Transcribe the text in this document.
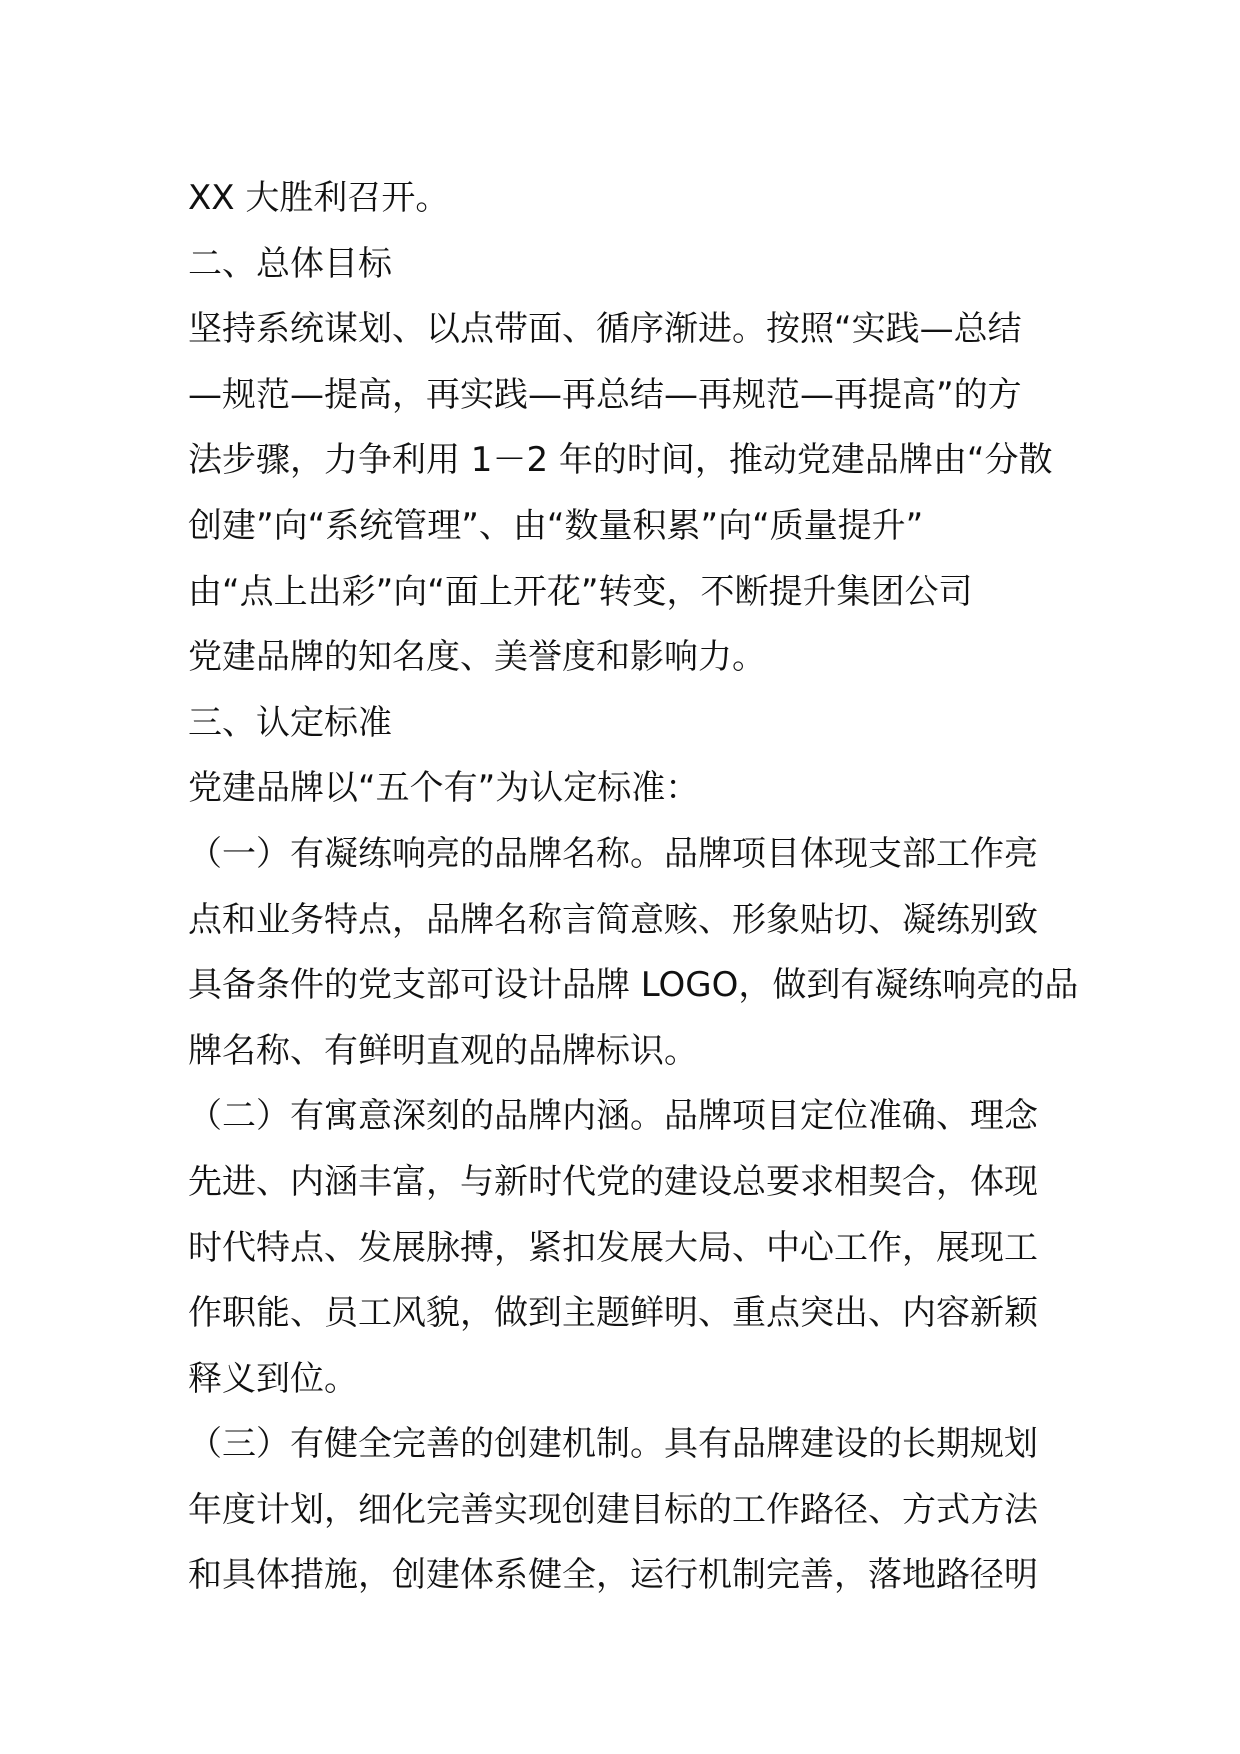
XX 大胜利召开。
二、总体目标
坚持系统谋划、以点带面、循序渐进。按照“实践—总结
—规范—提高，再实践—再总结—再规范—再提高”的方
法步骤，力争利用 1－2 年的时间，推动党建品牌由“分散
创建”向“系统管理”、由“数量积累”向“质量提升”
由“点上出彩”向“面上开花”转变，不断提升集团公司
党建品牌的知名度、美誉度和影响力。
三、认定标准
党建品牌以“五个有”为认定标准：
（一）有凝练响亮的品牌名称。品牌项目体现支部工作亮
点和业务特点，品牌名称言简意赅、形象贴切、凝练别致
具备条件的党支部可设计品牌 LOGO，做到有凝练响亮的品
牌名称、有鲜明直观的品牌标识。
（二）有寓意深刻的品牌内涵。品牌项目定位准确、理念
先进、内涵丰富，与新时代党的建设总要求相契合，体现
时代特点、发展脉搏，紧扣发展大局、中心工作，展现工
作职能、员工风貌，做到主题鲜明、重点突出、内容新颖
释义到位。
（三）有健全完善的创建机制。具有品牌建设的长期规划
年度计划，细化完善实现创建目标的工作路径、方式方法
和具体措施，创建体系健全，运行机制完善，落地路径明
